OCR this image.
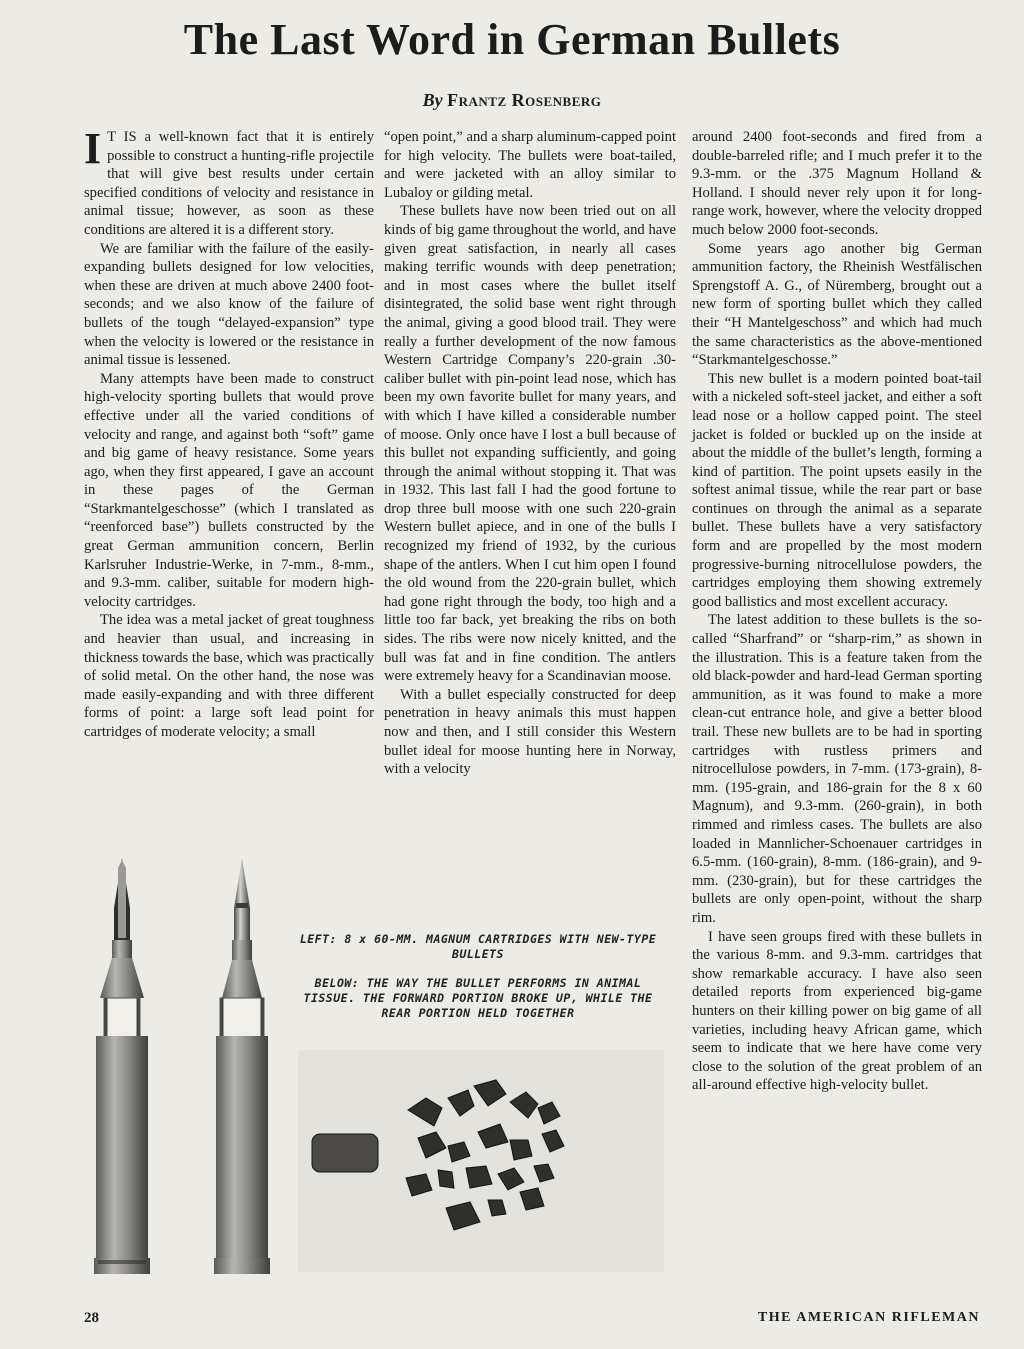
The Last Word in German Bullets
By Frantz Rosenberg

I T IS a well-known fact that it is entirely possible to construct a hunting-rifle projectile that will give best results under certain specified conditions of velocity and resistance in animal tissue; however, as soon as these conditions are altered it is a different story.

We are familiar with the failure of the easily-expanding bullets designed for low velocities, when these are driven at much above 2400 foot-seconds; and we also know of the failure of bullets of the tough “delayed-expansion” type when the velocity is lowered or the resistance in animal tissue is lessened.

Many attempts have been made to construct high-velocity sporting bullets that would prove effective under all the varied conditions of velocity and range, and against both “soft” game and big game of heavy resistance. Some years ago, when they first appeared, I gave an account in these pages of the German “Starkmantelgeschosse” (which I translated as “reenforced base”) bullets constructed by the great German ammunition concern, Berlin Karlsruher Industrie-Werke, in 7-mm., 8-mm., and 9.3-mm. caliber, suitable for modern high-velocity cartridges.

The idea was a metal jacket of great toughness and heavier than usual, and increasing in thickness towards the base, which was practically of solid metal. On the other hand, the nose was made easily-expanding and with three different forms of point: a large soft lead point for cartridges of moderate velocity; a small

“open point,” and a sharp aluminum-capped point for high velocity. The bullets were boat-tailed, and were jacketed with an alloy similar to Lubaloy or gilding metal.

These bullets have now been tried out on all kinds of big game throughout the world, and have given great satisfaction, in nearly all cases making terrific wounds with deep penetration; and in most cases where the bullet itself disintegrated, the solid base went right through the animal, giving a good blood trail. They were really a further development of the now famous Western Cartridge Company’s 220-grain .30-caliber bullet with pin-point lead nose, which has been my own favorite bullet for many years, and with which I have killed a considerable number of moose. Only once have I lost a bull because of this bullet not expanding sufficiently, and going through the animal without stopping it. That was in 1932. This last fall I had the good fortune to drop three bull moose with one such 220-grain Western bullet apiece, and in one of the bulls I recognized my friend of 1932, by the curious shape of the antlers. When I cut him open I found the old wound from the 220-grain bullet, which had gone right through the body, too high and a little too far back, yet breaking the ribs on both sides. The ribs were now nicely knitted, and the bull was fat and in fine condition. The antlers were extremely heavy for a Scandinavian moose.

With a bullet especially constructed for deep penetration in heavy animals this must happen now and then, and I still consider this Western bullet ideal for moose hunting here in Norway, with a velocity

around 2400 foot-seconds and fired from a double-barreled rifle; and I much prefer it to the 9.3-mm. or the .375 Magnum Holland & Holland. I should never rely upon it for long-range work, however, where the velocity dropped much below 2000 foot-seconds.

Some years ago another big German ammunition factory, the Rheinish Westfälischen Sprengstoff A. G., of Nüremberg, brought out a new form of sporting bullet which they called their “H Mantelgeschoss” and which had much the same characteristics as the above-mentioned “Starkmantelgeschosse.”

This new bullet is a modern pointed boat-tail with a nickeled soft-steel jacket, and either a soft lead nose or a hollow capped point. The steel jacket is folded or buckled up on the inside at about the middle of the bullet’s length, forming a kind of partition. The point upsets easily in the softest animal tissue, while the rear part or base continues on through the animal as a separate bullet. These bullets have a very satisfactory form and are propelled by the most modern progressive-burning nitrocellulose powders, the cartridges employing them showing extremely good ballistics and most excellent accuracy.

The latest addition to these bullets is the so-called “Sharfrand” or “sharp-rim,” as shown in the illustration. This is a feature taken from the old black-powder and hard-lead German sporting ammunition, as it was found to make a more clean-cut entrance hole, and give a better blood trail. These new bullets are to be had in sporting cartridges with rustless primers and nitrocellulose powders, in 7-mm. (173-grain), 8-mm. (195-grain, and 186-grain for the 8 x 60 Magnum), and 9.3-mm. (260-grain), in both rimmed and rimless cases. The bullets are also loaded in Mannlicher-Schoenauer cartridges in 6.5-mm. (160-grain), 8-mm. (186-grain), and 9-mm. (230-grain), but for these cartridges the bullets are only open-point, without the sharp rim.

I have seen groups fired with these bullets in the various 8-mm. and 9.3-mm. cartridges that show remarkable accuracy. I have also seen detailed reports from experienced big-game hunters on their killing power on big game of all varieties, including heavy African game, which seem to indicate that we here have come very close to the solution of the great problem of an all-around effective high-velocity bullet.

LEFT: 8 x 60-MM. MAGNUM CARTRIDGES WITH NEW-TYPE BULLETS
BELOW: THE WAY THE BULLET PERFORMS IN ANIMAL TISSUE. THE FORWARD PORTION BROKE UP, WHILE THE REAR PORTION HELD TOGETHER
28	THE AMERICAN RIFLEMAN
